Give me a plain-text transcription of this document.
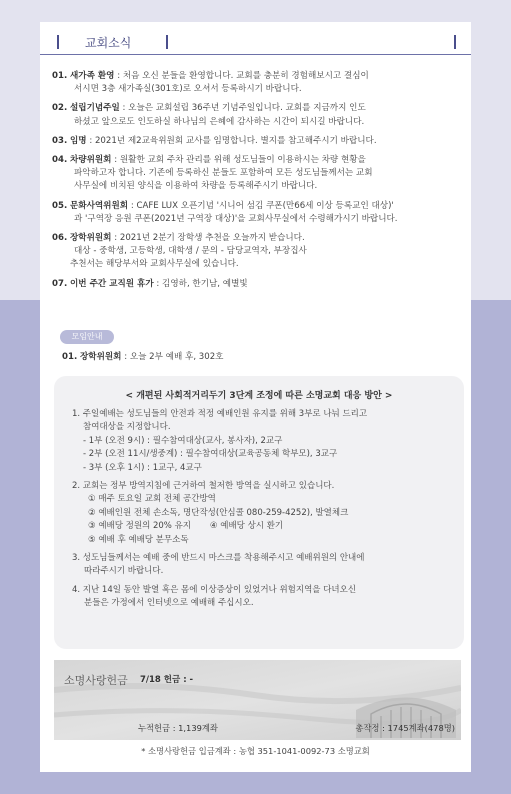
교회소식
01. 새가족 환영 : 처음 오신 분들을 환영합니다. 교회를 충분히 경험해보시고 결심이
서시면 3층 새가족실(301호)로 오셔서 등록하시기 바랍니다.
02. 설립기념주일 : 오늘은 교회설립 36주년 기념주일입니다. 교회를 지금까지 인도
하셨고 앞으로도 인도하실 하나님의 은혜에 감사하는 시간이 되시길 바랍니다.
03. 임명 : 2021년 제2교육위원회 교사를 임명합니다. 별지를 참고해주시기 바랍니다.
04. 차량위원회 : 원활한 교회 주차 관리를 위해 성도님들이 이용하시는 차량 현황을
파악하고자 합니다. 기존에 등록하신 분들도 포함하여 모든 성도님들께서는 교회
사무실에 비치된 양식을 이용하여 차량을 등록해주시기 바랍니다.
05. 문화사역위원회 : CAFE LUX 오픈기념 '시니어 섬김 쿠폰(만66세 이상 등록교인 대상)'
과 '구역장 응원 쿠폰(2021년 구역장 대상)'을 교회사무실에서 수령해가시기 바랍니다.
06. 장학위원회 : 2021년 2분기 장학생 추천을 오늘까지 받습니다.
대상 - 중학생, 고등학생, 대학생 / 문의 - 담당교역자, 부장집사
추천서는 해당부서와 교회사무실에 있습니다.
07. 이번 주간 교직원 휴가 : 김영하, 한기남, 예별빛
모임안내
01. 장학위원회 : 오늘 2부 예배 후, 302호
< 개편된 사회적거리두기 3단계 조정에 따른 소명교회 대응 방안 >
1. 주일예배는 성도님들의 안전과 적정 예배인원 유지를 위해 3부로 나눠 드리고
참여대상을 지정합니다.
- 1부 (오전 9시) : 필수참여대상(교사, 봉사자), 2교구
- 2부 (오전 11시/생중계) : 필수참여대상(교육공동체 학부모), 3교구
- 3부 (오후 1시) : 1교구, 4교구
2. 교회는 정부 방역지침에 근거하여 철저한 방역을 실시하고 있습니다.
① 매주 토요일 교회 전체 공간방역
② 예배인원 전체 손소독, 명단작성(안심콜 080-259-4252), 발열체크
③ 예배당 정원의 20% 유지       ④ 예배당 상시 환기
⑤ 예배 후 예배당 분무소독
3. 성도님들께서는 예배 중에 반드시 마스크를 착용해주시고 예배위원의 안내에
따라주시기 바랍니다.
4. 지난 14일 동안 발열 혹은 몸에 이상증상이 있었거나 위험지역을 다녀오신
분들은 가정에서 인터넷으로 예배해 주십시오.
소명사랑헌금 7/18 헌금 : -
누적헌금 : 1,139계좌	총작정 : 1745계좌(478명)
* 소명사랑헌금 입금계좌 : 농협 351-1041-0092-73 소명교회
